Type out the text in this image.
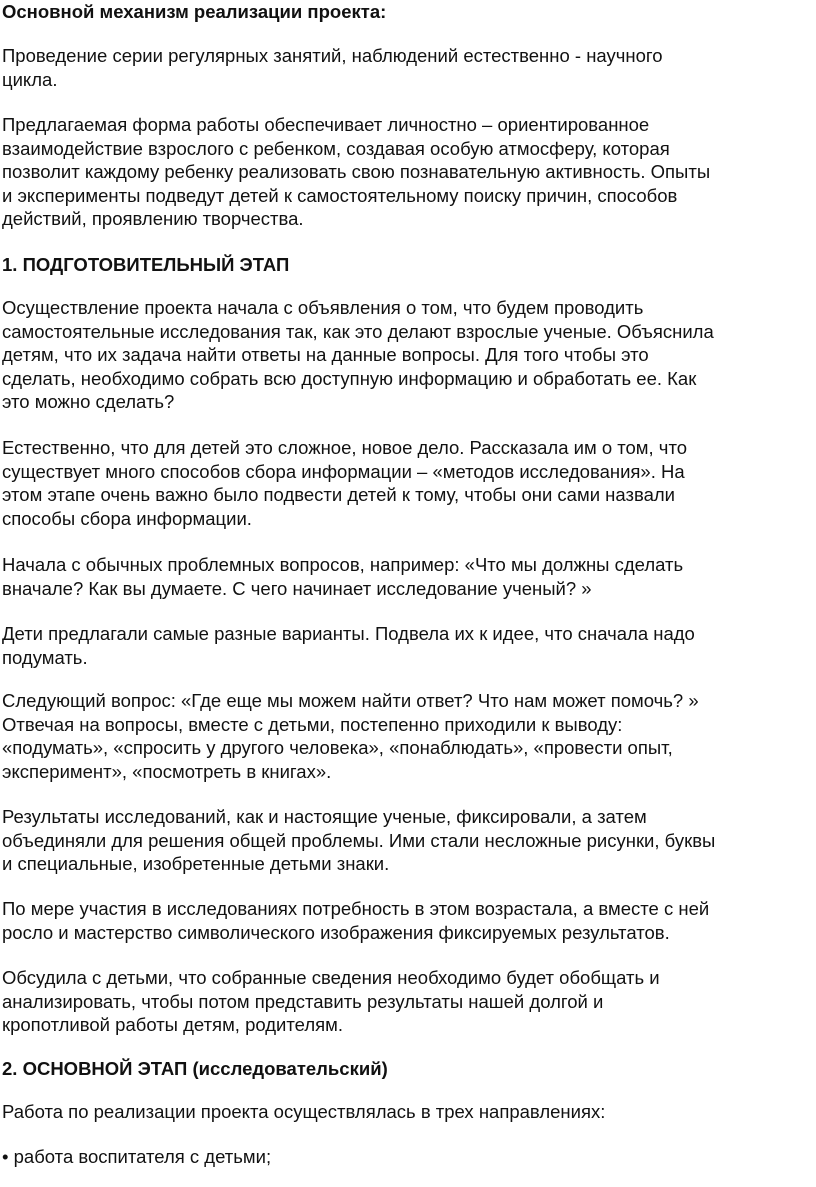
Основной механизм реализации проекта:

Проведение серии регулярных занятий, наблюдений естественно - научного

цикла.

Предлагаемая форма работы обеспечивает личностно – ориентированное

взаимодействие взрослого с ребенком, создавая особую атмосферу, которая

позволит каждому ребенку реализовать свою познавательную активность. Опыты

и эксперименты подведут детей к самостоятельному поиску причин, способов

действий, проявлению творчества.

1. ПОДГОТОВИТЕЛЬНЫЙ ЭТАП

Осуществление проекта начала с объявления о том, что будем проводить

самостоятельные исследования так, как это делают взрослые ученые. Объяснила

детям, что их задача найти ответы на данные вопросы. Для того чтобы это

сделать, необходимо собрать всю доступную информацию и обработать ее. Как

это можно сделать?

Естественно, что для детей это сложное, новое дело. Рассказала им о том, что

существует много способов сбора информации – «методов исследования». На

этом этапе очень важно было подвести детей к тому, чтобы они сами назвали

способы сбора информации.

Начала с обычных проблемных вопросов, например: «Что мы должны сделать

вначале? Как вы думаете. С чего начинает исследование ученый? »

Дети предлагали самые разные варианты. Подвела их к идее, что сначала надо

подумать.

Следующий вопрос: «Где еще мы можем найти ответ? Что нам может помочь? »

Отвечая на вопросы, вместе с детьми, постепенно приходили к выводу:

«подумать», «спросить у другого человека», «понаблюдать», «провести опыт,

эксперимент», «посмотреть в книгах».

Результаты исследований, как и настоящие ученые, фиксировали, а затем

объединяли для решения общей проблемы. Ими стали несложные рисунки, буквы

и специальные, изобретенные детьми знаки.

По мере участия в исследованиях потребность в этом возрастала, а вместе с ней

росло и мастерство символического изображения фиксируемых результатов.

Обсудила с детьми, что собранные сведения необходимо будет обобщать и

анализировать, чтобы потом представить результаты нашей долгой и

кропотливой работы детям, родителям.

2. ОСНОВНОЙ ЭТАП (исследовательский)

Работа по реализации проекта осуществлялась в трех направлениях:

• работа воспитателя с детьми;
